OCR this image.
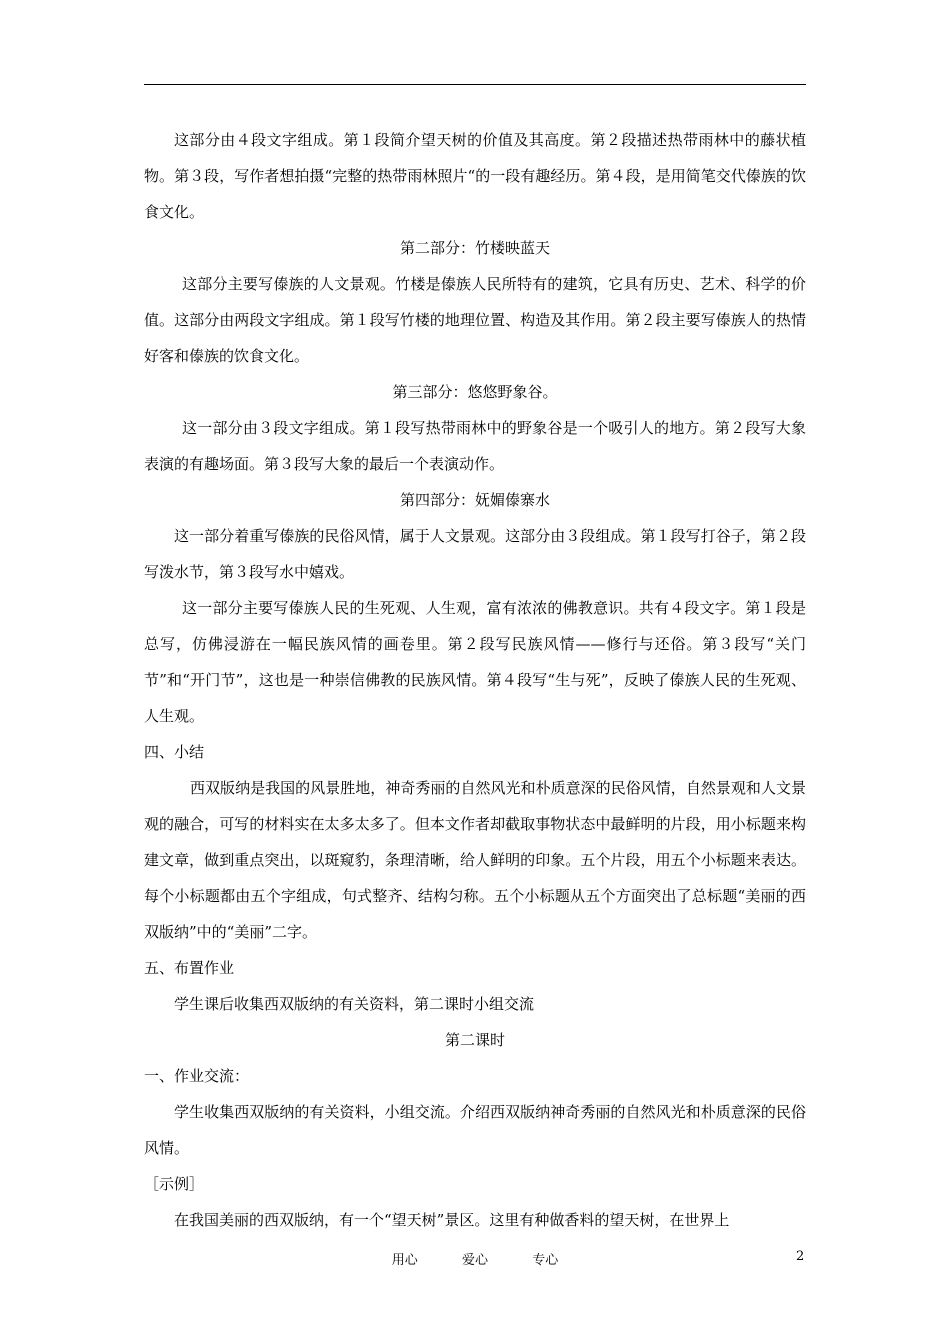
这部分由４段文字组成。第１段简介望天树的价值及其高度。第２段描述热带雨林中的藤状植物。第３段，写作者想拍摄“完整的热带雨林照片“的一段有趣经历。第４段，是用简笔交代傣族的饮食文化。

第二部分：竹楼映蓝天

这部分主要写傣族的人文景观。竹楼是傣族人民所特有的建筑，它具有历史、艺术、科学的价值。这部分由两段文字组成。第１段写竹楼的地理位置、构造及其作用。第２段主要写傣族人的热情好客和傣族的饮食文化。

第三部分：悠悠野象谷。

这一部分由３段文字组成。第１段写热带雨林中的野象谷是一个吸引人的地方。第２段写大象表演的有趣场面。第３段写大象的最后一个表演动作。

第四部分：妩媚傣寨水

这一部分着重写傣族的民俗风情，属于人文景观。这部分由３段组成。第１段写打谷子，第２段写泼水节，第３段写水中嬉戏。

这一部分主要写傣族人民的生死观、人生观，富有浓浓的佛教意识。共有４段文字。第１段是总写，仿佛浸游在一幅民族风情的画卷里。第２段写民族风情——修行与还俗。第３段写“关门节”和“开门节”，这也是一种崇信佛教的民族风情。第４段写“生与死”，反映了傣族人民的生死观、人生观。

四、小结

西双版纳是我国的风景胜地，神奇秀丽的自然风光和朴质意深的民俗风情，自然景观和人文景观的融合，可写的材料实在太多太多了。但本文作者却截取事物状态中最鲜明的片段，用小标题来构建文章，做到重点突出，以斑窥豹，条理清晰，给人鲜明的印象。五个片段，用五个小标题来表达。每个小标题都由五个字组成，句式整齐、结构匀称。五个小标题从五个方面突出了总标题“美丽的西双版纳”中的“美丽”二字。

五、布置作业

学生课后收集西双版纳的有关资料，第二课时小组交流

第二课时

一、作业交流：

学生收集西双版纳的有关资料，小组交流。介绍西双版纳神奇秀丽的自然风光和朴质意深的民俗风情。

［示例］

在我国美丽的西双版纳，有一个“望天树”景区。这里有种做香料的望天树，在世界上

用心  爱心  专心	2
